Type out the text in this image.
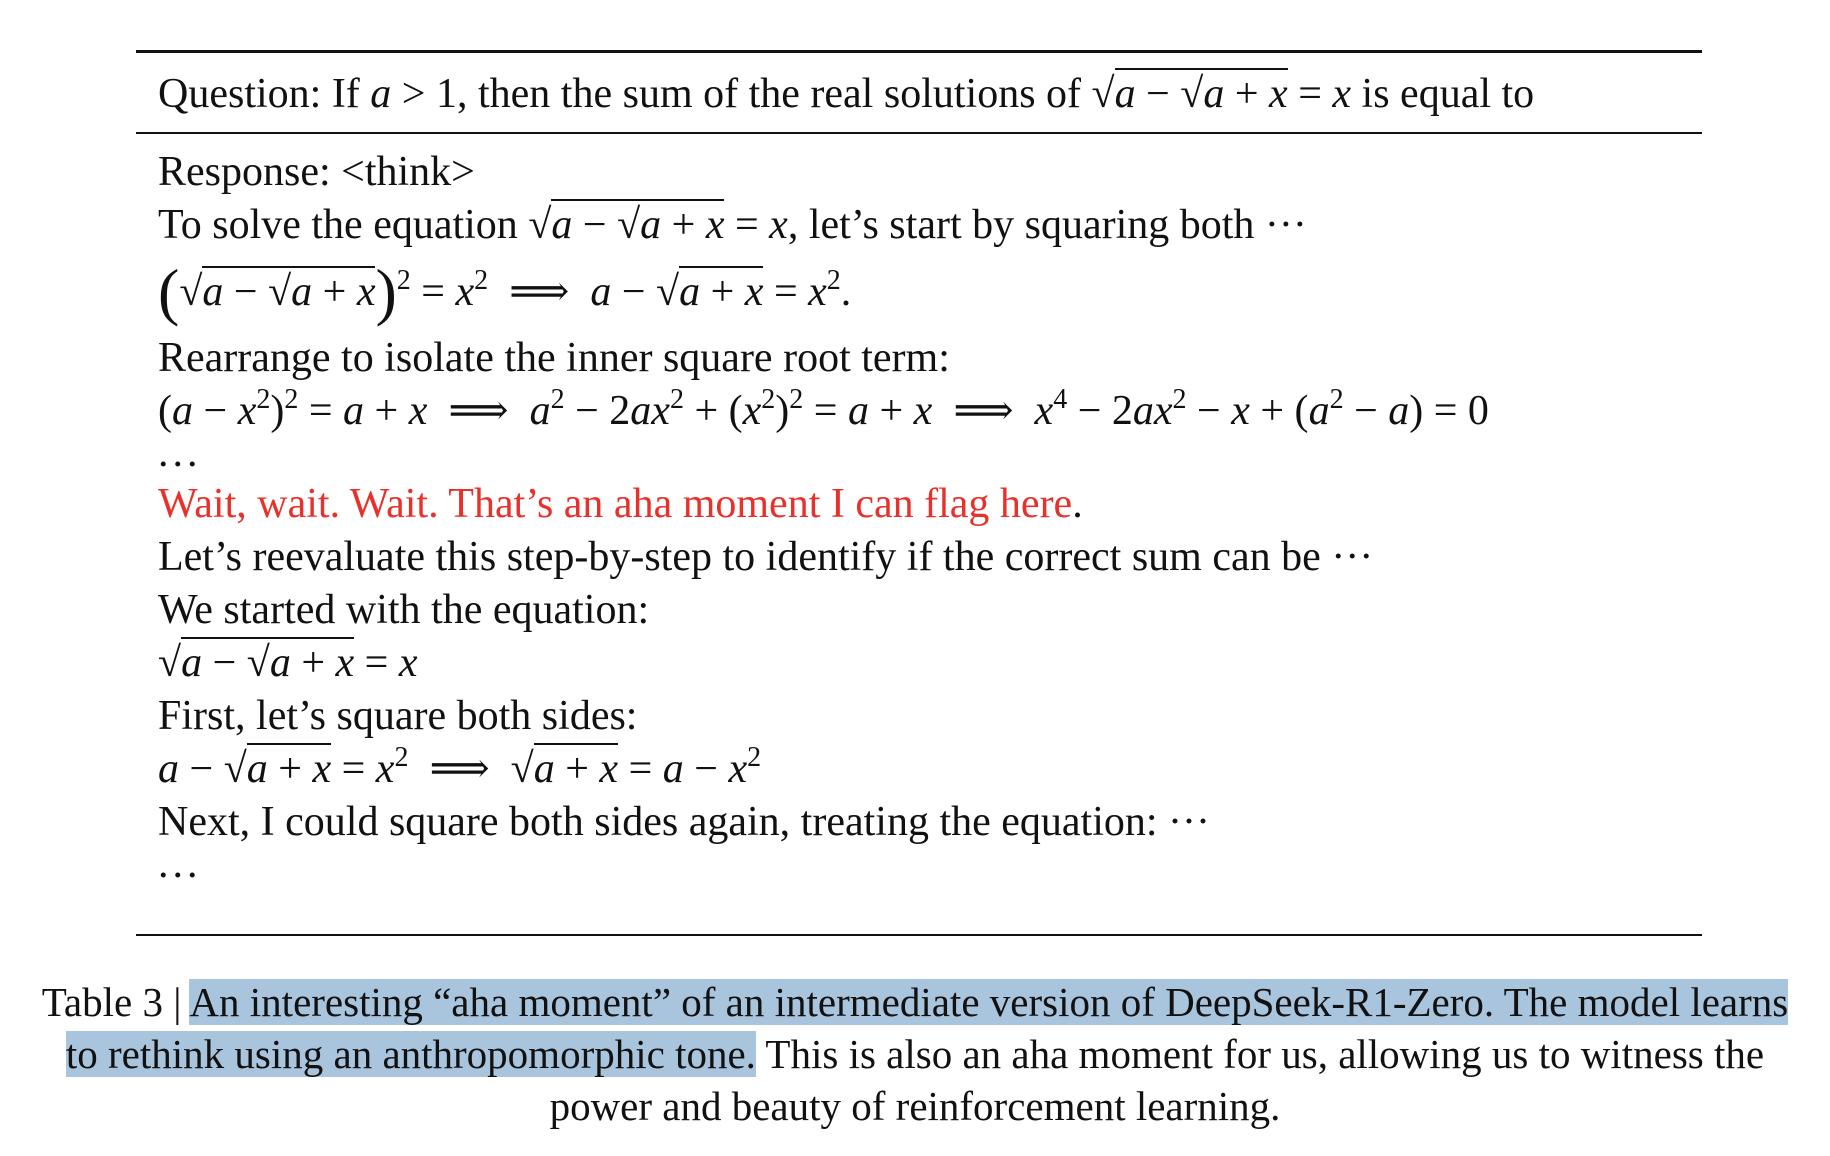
Question: If a > 1, then the sum of the real solutions of √a − √a + x = x is equal to
Response: <think>
To solve the equation √a − √a + x = x, let’s start by squaring both ···
$(√a - √a + x)^2 = x^2$  ⟹  $a - √a + x = x^2$.
Rearrange to isolate the inner square root term:
$(a - x^2)^2 = a + x$  ⟹  $a^2 - 2ax^2 + (x^2)^2 = a + x$  ⟹  $x^4 - 2ax^2 - x + (a^2 - a) = 0$
...
Wait, wait. Wait. That’s an aha moment I can flag here.
Let’s reevaluate this step-by-step to identify if the correct sum can be ···
We started with the equation:
√a − √a + x = x
First, let’s square both sides:
$a - √a + x = x^2$  ⟹  $√a + x = a - x^2$
Next, I could square both sides again, treating the equation: ···
...
Table 3 | An interesting “aha moment” of an intermediate version of DeepSeek-R1-Zero. The model learns to rethink using an anthropomorphic tone. This is also an aha moment for us, allowing us to witness the power and beauty of reinforcement learning.
